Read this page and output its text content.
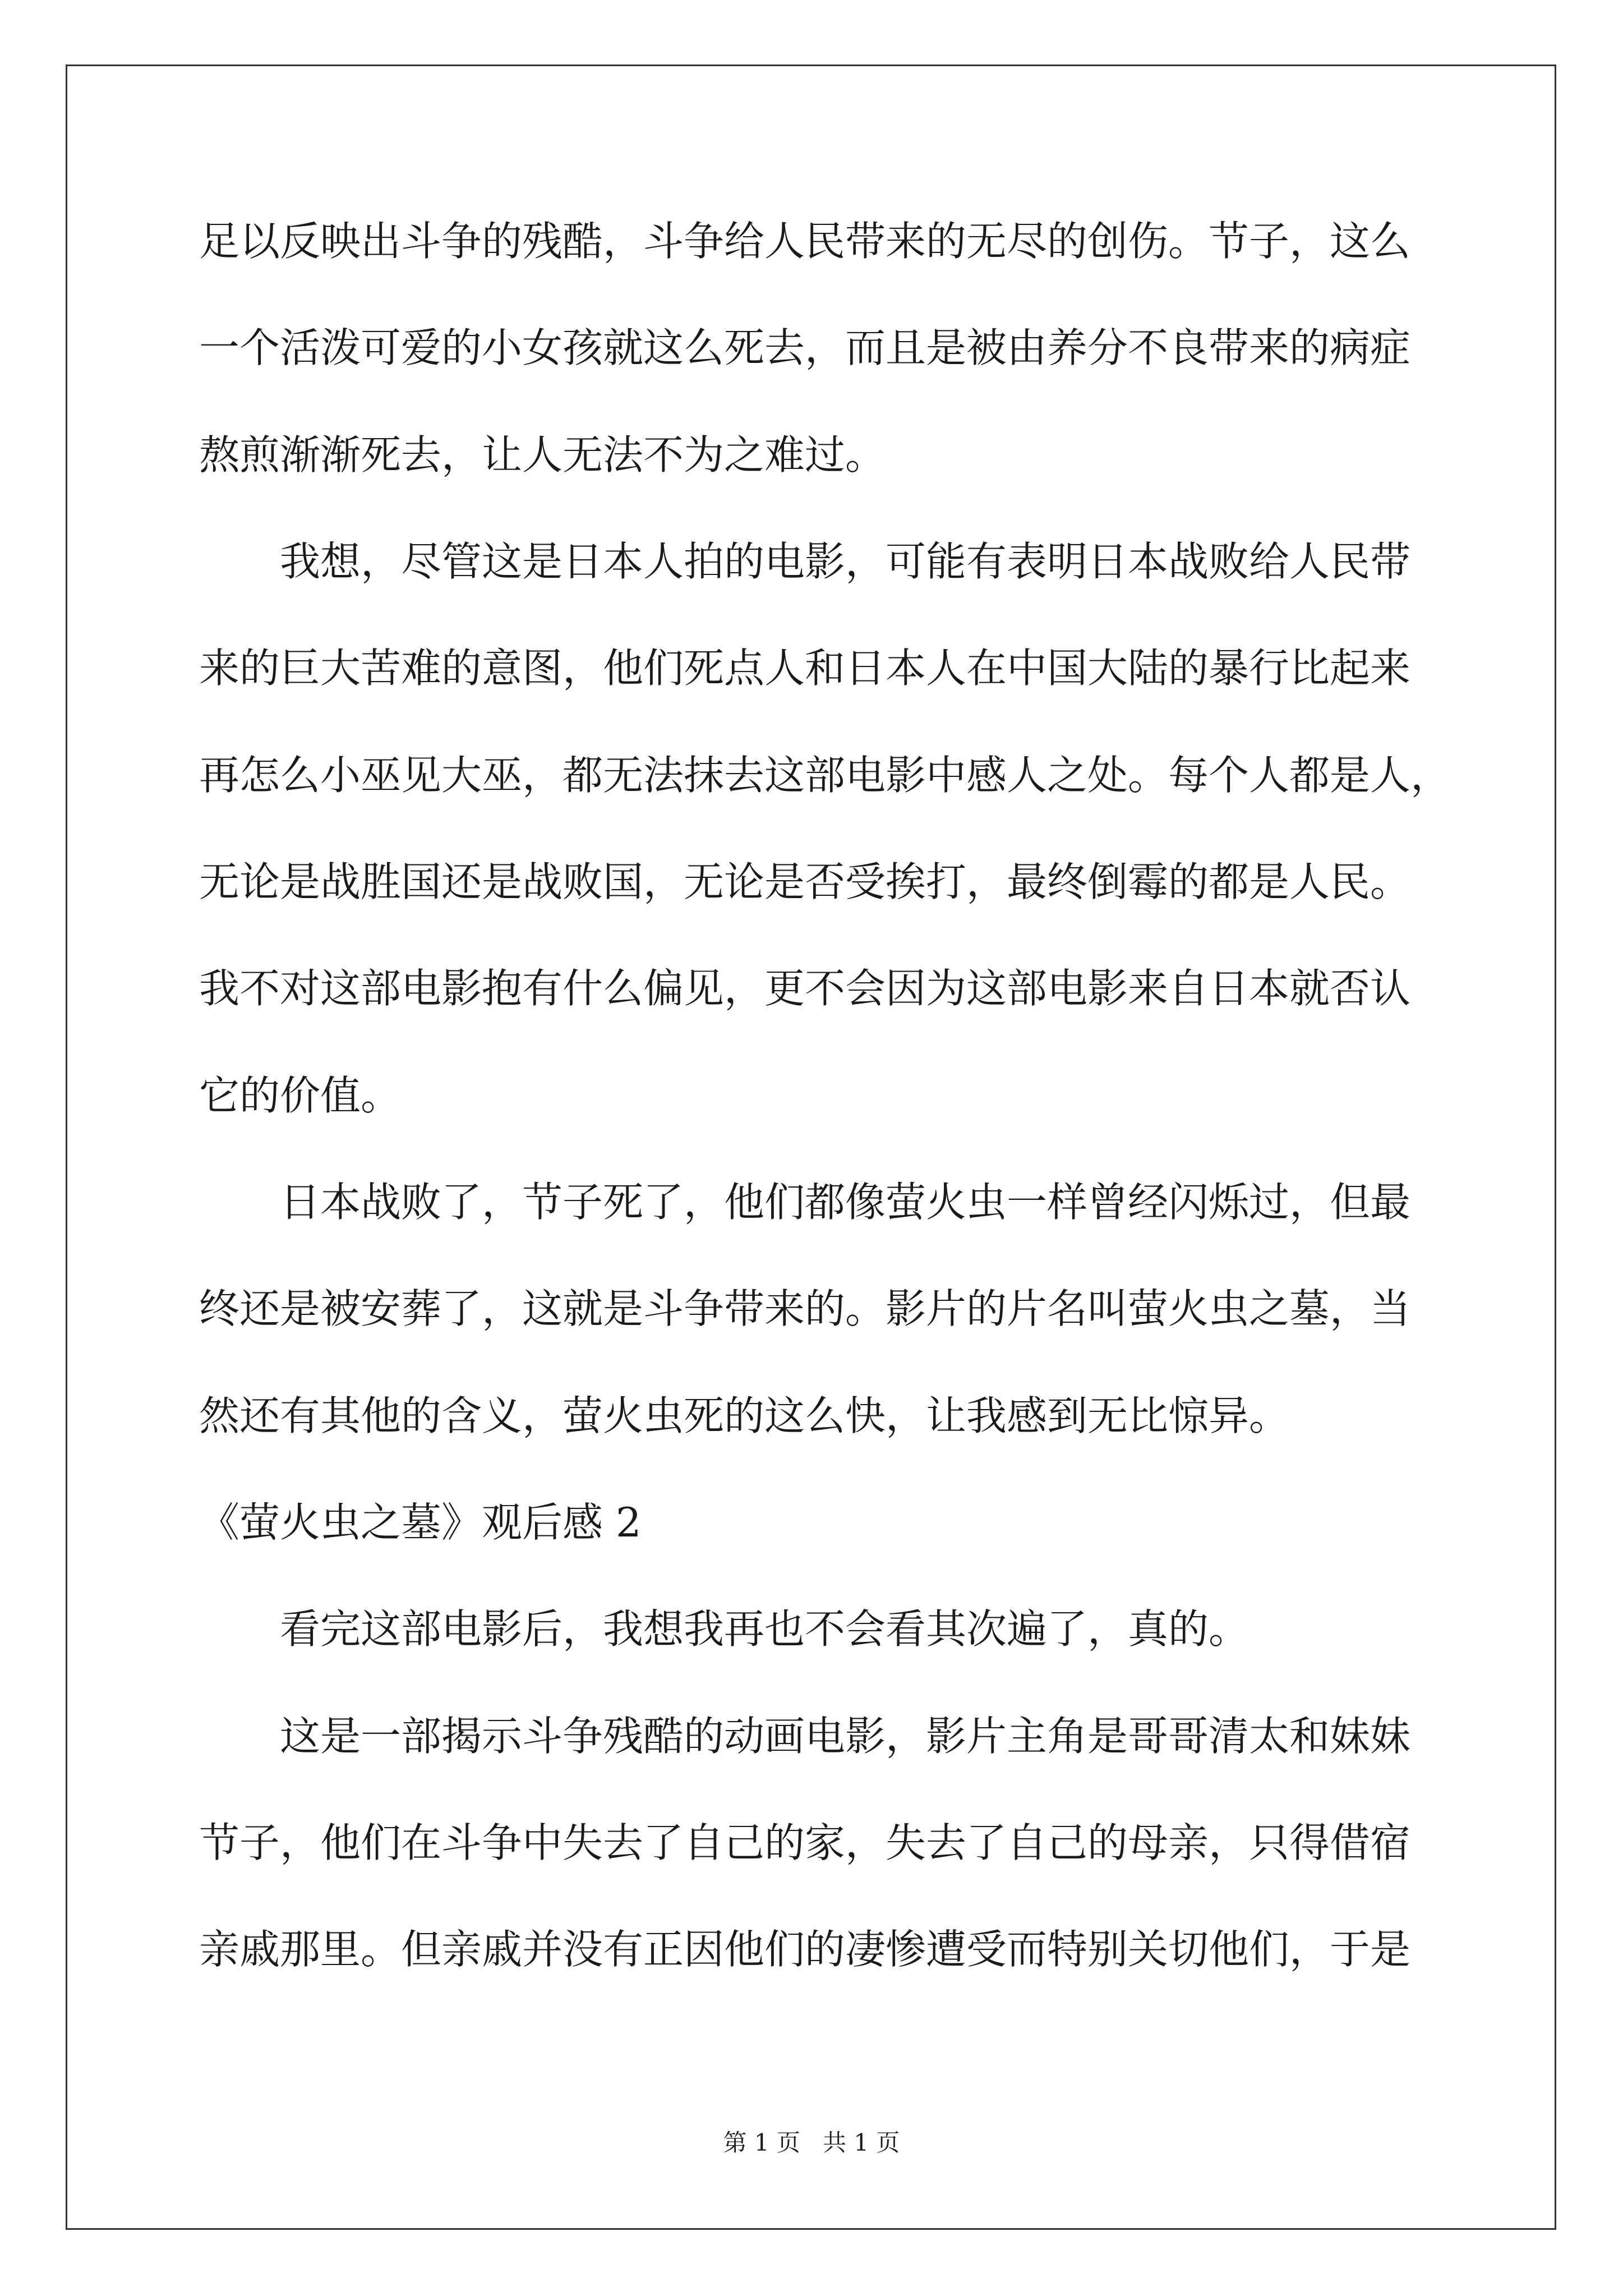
足以反映出斗争的残酷，斗争给人民带来的无尽的创伤。节子，这么
一个活泼可爱的小女孩就这么死去，而且是被由养分不良带来的病症
熬煎渐渐死去，让人无法不为之难过。
我想，尽管这是日本人拍的电影，可能有表明日本战败给人民带
来的巨大苦难的意图，他们死点人和日本人在中国大陆的暴行比起来
再怎么小巫见大巫，都无法抹去这部电影中感人之处。每个人都是人，
无论是战胜国还是战败国，无论是否受挨打，最终倒霉的都是人民。
我不对这部电影抱有什么偏见，更不会因为这部电影来自日本就否认
它的价值。
日本战败了，节子死了，他们都像萤火虫一样曾经闪烁过，但最
终还是被安葬了，这就是斗争带来的。影片的片名叫萤火虫之墓，当
然还有其他的含义，萤火虫死的这么快，让我感到无比惊异。
《萤火虫之墓》观后感 2
看完这部电影后，我想我再也不会看其次遍了，真的。
这是一部揭示斗争残酷的动画电影，影片主角是哥哥清太和妹妹
节子，他们在斗争中失去了自己的家，失去了自己的母亲，只得借宿
亲戚那里。但亲戚并没有正因他们的凄惨遭受而特别关切他们，于是
第 1 页 共 1 页
